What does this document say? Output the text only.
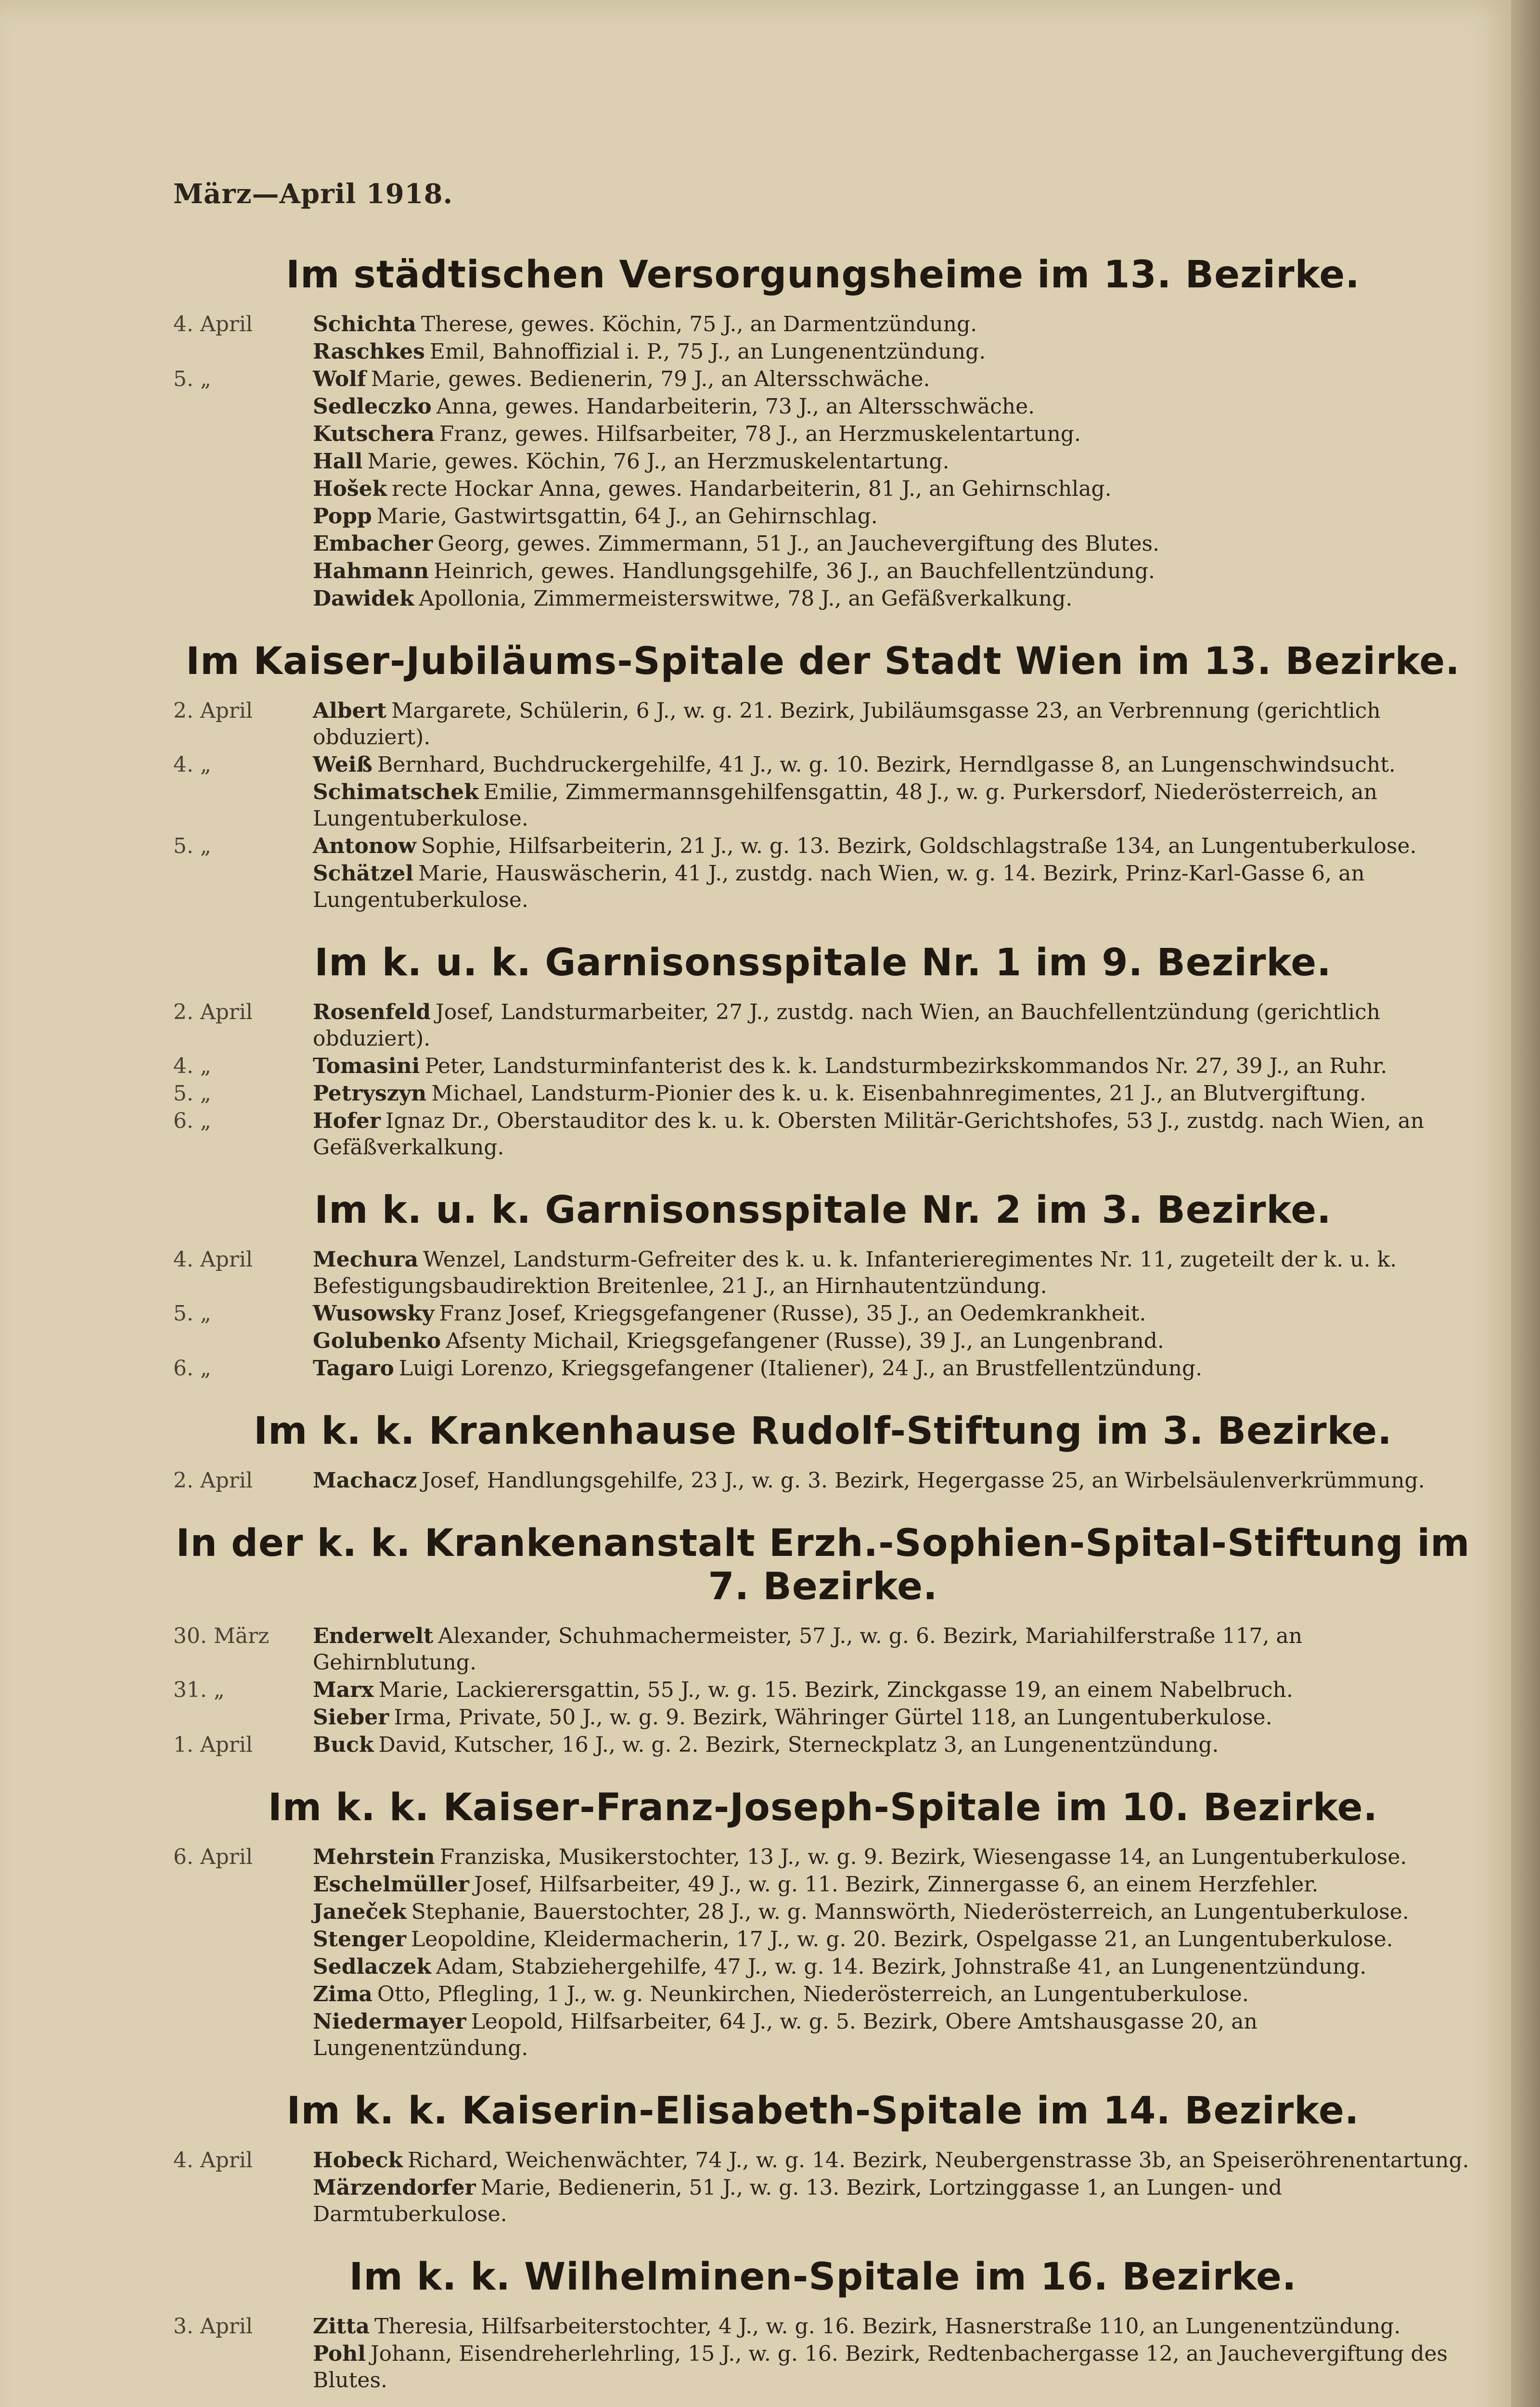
März—April 1918.
Im städtischen Versorgungsheime im 13. Bezirke.
4. April	Schichta Therese, gewes. Köchin, 75 J., an Darmentzündung.
Raschkes Emil, Bahnoffizial i. P., 75 J., an Lungenentzündung.
5. „	Wolf Marie, gewes. Bedienerin, 79 J., an Altersschwäche.
Sedleczko Anna, gewes. Handarbeiterin, 73 J., an Altersschwäche.
Kutschera Franz, gewes. Hilfsarbeiter, 78 J., an Herzmuskelentartung.
Hall Marie, gewes. Köchin, 76 J., an Herzmuskelentartung.
Hošek recte Hockar Anna, gewes. Handarbeiterin, 81 J., an Gehirnschlag.
Popp Marie, Gastwirtsgattin, 64 J., an Gehirnschlag.
Embacher Georg, gewes. Zimmermann, 51 J., an Jauchevergiftung des Blutes.
Hahmann Heinrich, gewes. Handlungsgehilfe, 36 J., an Bauchfellentzündung.
Dawidek Apollonia, Zimmermeisterswitwe, 78 J., an Gefäßverkalkung.
Im Kaiser-Jubiläums-Spitale der Stadt Wien im 13. Bezirke.
2. April	Albert Margarete, Schülerin, 6 J., w. g. 21. Bezirk, Jubiläumsgasse 23, an Verbrennung (gerichtlich obduziert).
4. „	Weiß Bernhard, Buchdruckergehilfe, 41 J., w. g. 10. Bezirk, Herndlgasse 8, an Lungenschwindsucht.
Schimatschek Emilie, Zimmermannsgehilfensgattin, 48 J., w. g. Purkersdorf, Niederösterreich, an Lungentuberkulose.
5. „	Antonow Sophie, Hilfsarbeiterin, 21 J., w. g. 13. Bezirk, Goldschlagstraße 134, an Lungentuberkulose.
Schätzel Marie, Hauswäscherin, 41 J., zustdg. nach Wien, w. g. 14. Bezirk, Prinz-Karl-Gasse 6, an Lungentuberkulose.
Im k. u. k. Garnisonsspitale Nr. 1 im 9. Bezirke.
2. April	Rosenfeld Josef, Landsturmarbeiter, 27 J., zustdg. nach Wien, an Bauchfellentzündung (gerichtlich obduziert).
4. „	Tomasini Peter, Landsturminfanterist des k. k. Landsturmbezirkskommandos Nr. 27, 39 J., an Ruhr.
5. „	Petryszyn Michael, Landsturm-Pionier des k. u. k. Eisenbahnregimentes, 21 J., an Blutvergiftung.
6. „	Hofer Ignaz Dr., Oberstauditor des k. u. k. Obersten Militär-Gerichtshofes, 53 J., zustdg. nach Wien, an Gefäßverkalkung.
Im k. u. k. Garnisonsspitale Nr. 2 im 3. Bezirke.
4. April	Mechura Wenzel, Landsturm-Gefreiter des k. u. k. Infanterieregimentes Nr. 11, zugeteilt der k. u. k. Befestigungsbaudirektion Breitenlee, 21 J., an Hirnhautentzündung.
5. „	Wusowsky Franz Josef, Kriegsgefangener (Russe), 35 J., an Oedemkrankheit.
Golubenko Afsenty Michail, Kriegsgefangener (Russe), 39 J., an Lungenbrand.
6. „	Tagaro Luigi Lorenzo, Kriegsgefangener (Italiener), 24 J., an Brustfellentzündung.
Im k. k. Krankenhause Rudolf-Stiftung im 3. Bezirke.
2. April	Machacz Josef, Handlungsgehilfe, 23 J., w. g. 3. Bezirk, Hegergasse 25, an Wirbelsäulenverkrümmung.
In der k. k. Krankenanstalt Erzh.-Sophien-Spital-Stiftung im 7. Bezirke.
30. März	Enderwelt Alexander, Schuhmachermeister, 57 J., w. g. 6. Bezirk, Mariahilferstraße 117, an Gehirnblutung.
31. „	Marx Marie, Lackierersgattin, 55 J., w. g. 15. Bezirk, Zinckgasse 19, an einem Nabelbruch.
Sieber Irma, Private, 50 J., w. g. 9. Bezirk, Währinger Gürtel 118, an Lungentuberkulose.
1. April	Buck David, Kutscher, 16 J., w. g. 2. Bezirk, Sterneckplatz 3, an Lungenentzündung.
Im k. k. Kaiser-Franz-Joseph-Spitale im 10. Bezirke.
6. April	Mehrstein Franziska, Musikerstochter, 13 J., w. g. 9. Bezirk, Wiesengasse 14, an Lungentuberkulose.
Eschelmüller Josef, Hilfsarbeiter, 49 J., w. g. 11. Bezirk, Zinnergasse 6, an einem Herzfehler.
Janeček Stephanie, Bauerstochter, 28 J., w. g. Mannswörth, Niederösterreich, an Lungentuberkulose.
Stenger Leopoldine, Kleidermacherin, 17 J., w. g. 20. Bezirk, Ospelgasse 21, an Lungentuberkulose.
Sedlaczek Adam, Stabziehergehilfe, 47 J., w. g. 14. Bezirk, Johnstraße 41, an Lungenentzündung.
Zima Otto, Pflegling, 1 J., w. g. Neunkirchen, Niederösterreich, an Lungentuberkulose.
Niedermayer Leopold, Hilfsarbeiter, 64 J., w. g. 5. Bezirk, Obere Amtshausgasse 20, an Lungenentzündung.
Im k. k. Kaiserin-Elisabeth-Spitale im 14. Bezirke.
4. April	Hobeck Richard, Weichenwächter, 74 J., w. g. 14. Bezirk, Neubergenstrasse 3b, an Speiseröhrenentartung.
Märzendorfer Marie, Bedienerin, 51 J., w. g. 13. Bezirk, Lortzinggasse 1, an Lungen- und Darmtuberkulose.
Im k. k. Wilhelminen-Spitale im 16. Bezirke.
3. April	Zitta Theresia, Hilfsarbeiterstochter, 4 J., w. g. 16. Bezirk, Hasnerstraße 110, an Lungenentzündung.
Pohl Johann, Eisendreherlehrling, 15 J., w. g. 16. Bezirk, Redtenbachergasse 12, an Jauchevergiftung des Blutes.
